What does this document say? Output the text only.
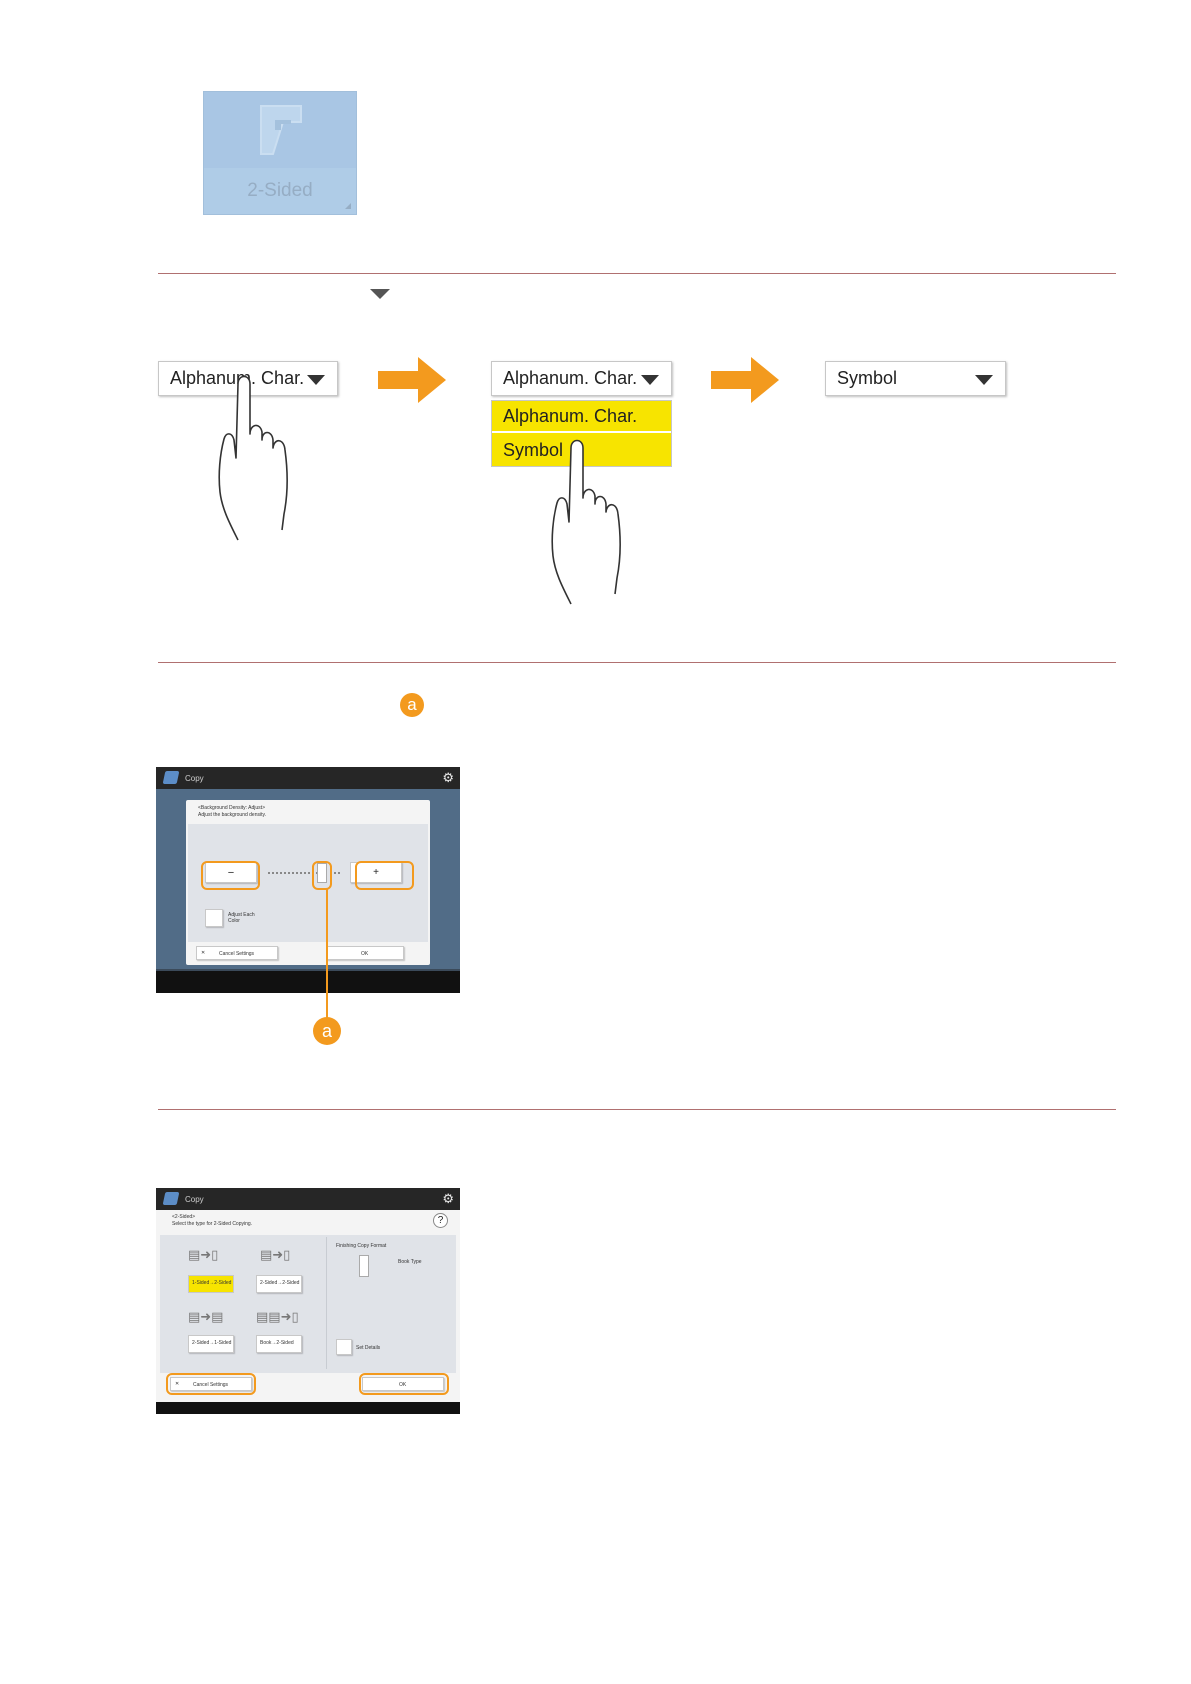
2-Sided
Alphanum. Char.	Alphanum. Char.
Alphanum. Char.
Symbol
Symbol
a
Copy	⚙
<Background Density: Adjust>
Adjust the background density.
−	+
Adjust Each Color
✕	Cancel Settings	OK
a
Copy	⚙
<2-Sided>
Select the type for 2-Sided Copying.	?
▤➜▯
1-Sided→2-Sided
▤➜▯
2-Sided→2-Sided
▤➜▤
2-Sided→1-Sided
▤▤➜▯
Book→2-Sided
Finishing Copy Format
Book Type
Set Details
✕	Cancel Settings	OK
